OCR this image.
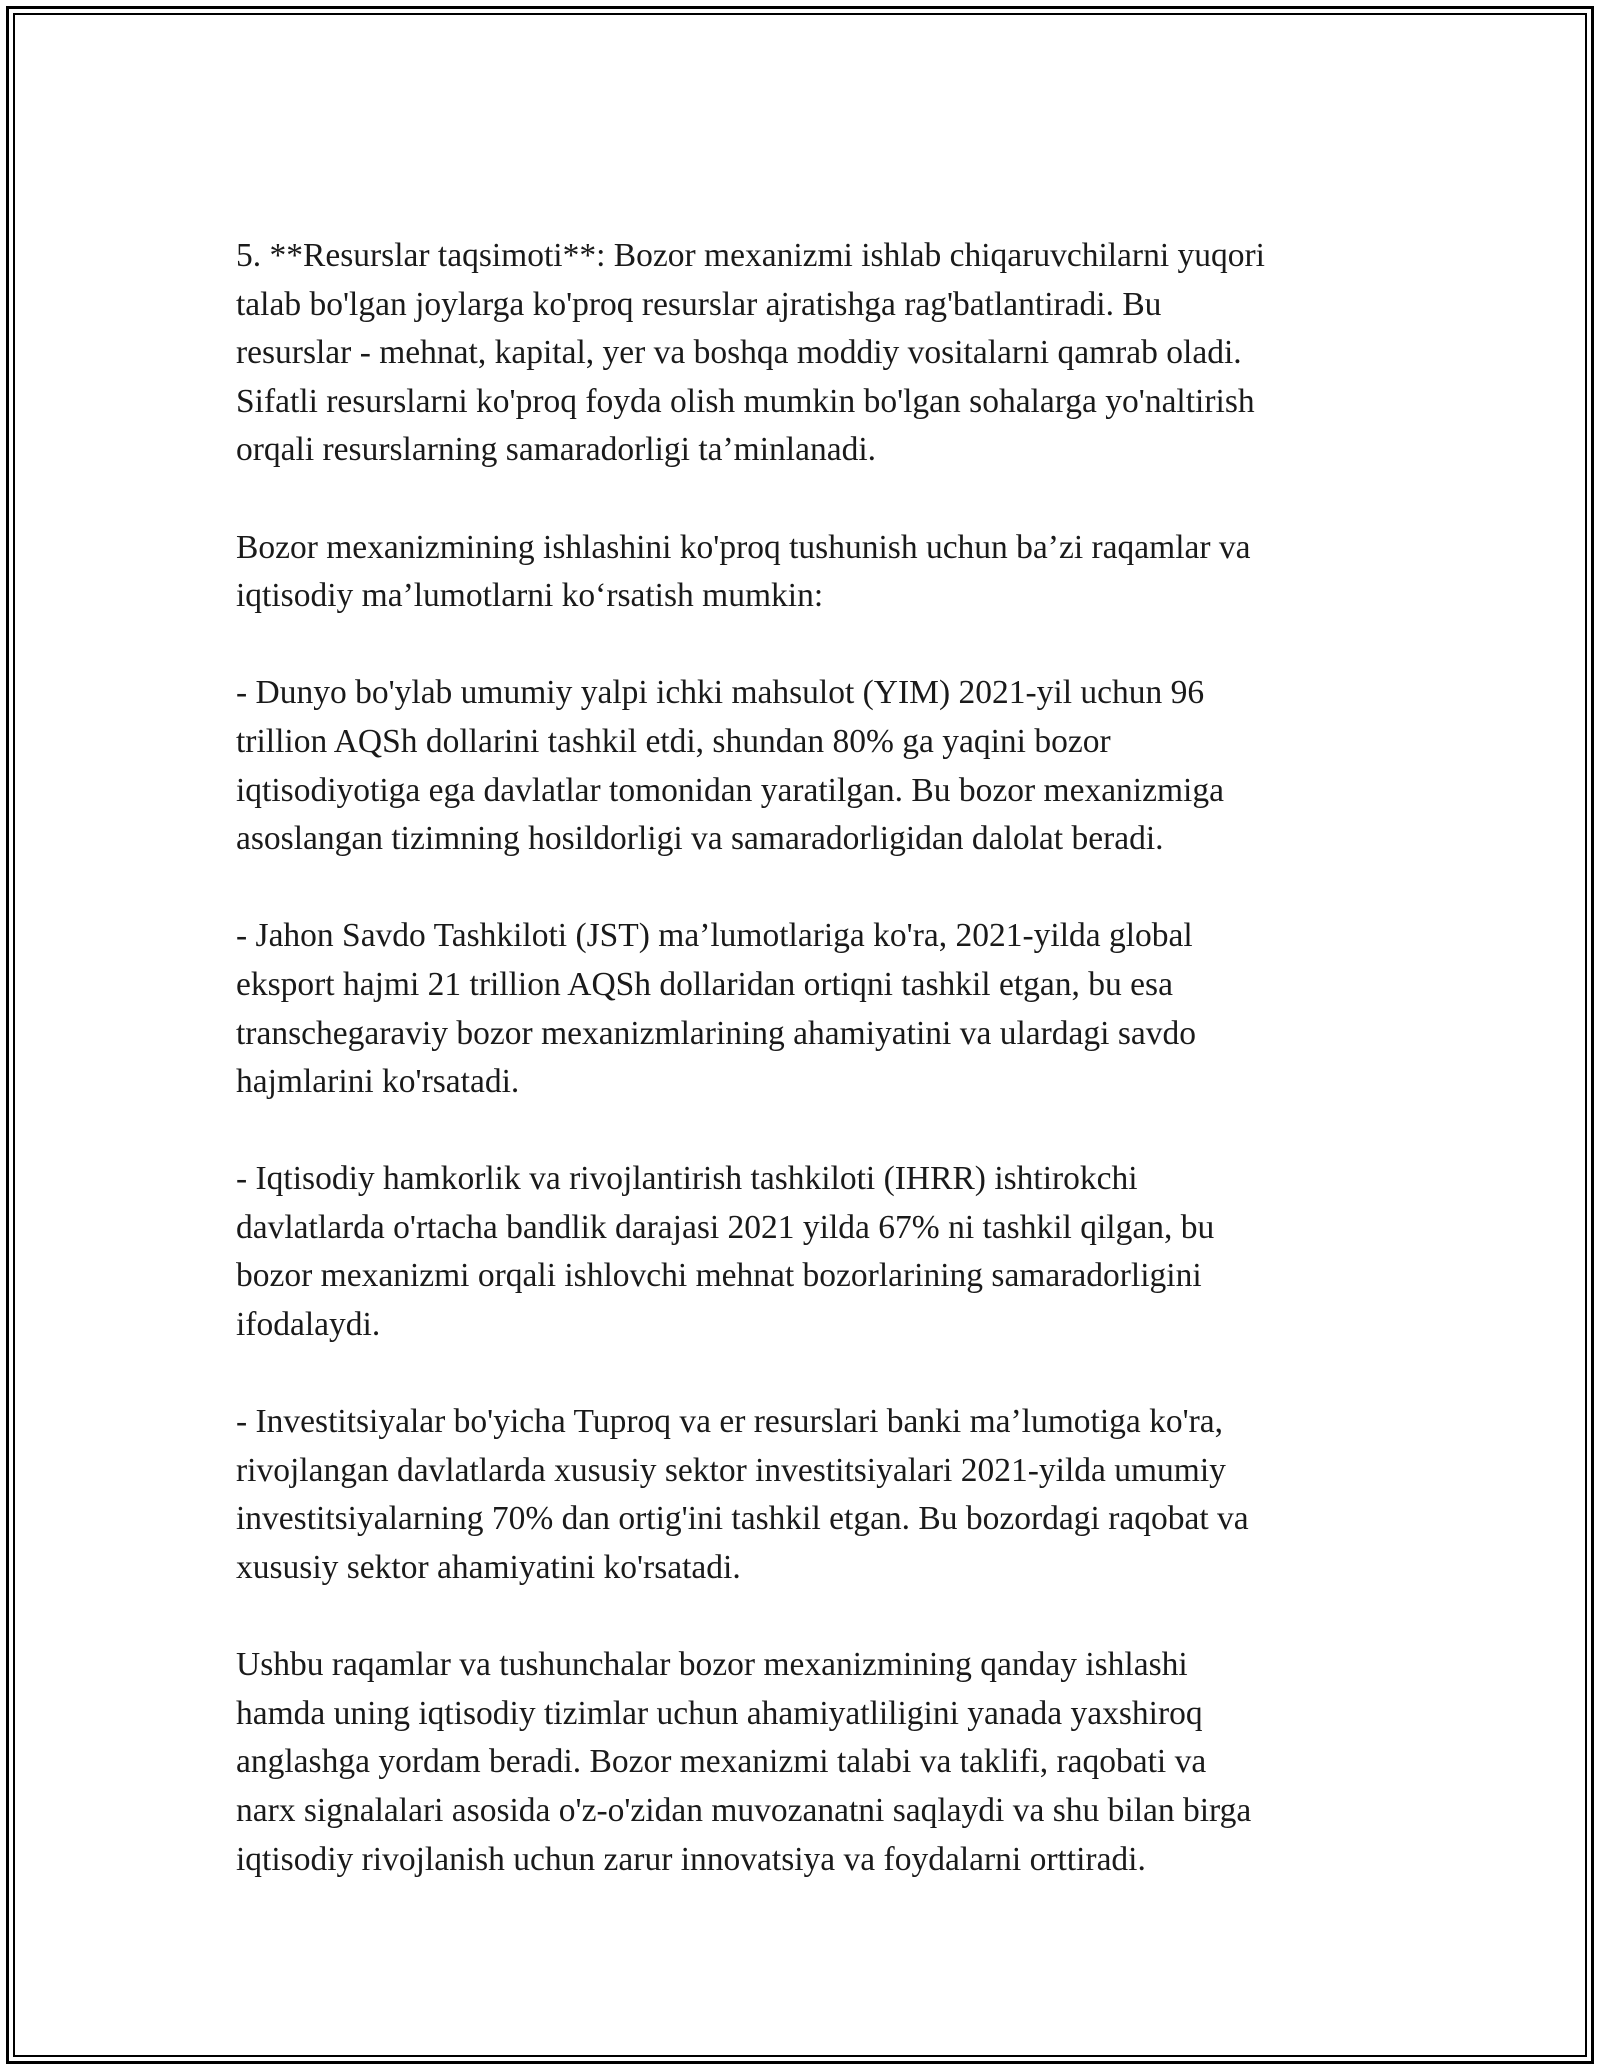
5. **Resurslar taqsimoti**: Bozor mexanizmi ishlab chiqaruvchilarni yuqori
talab bo'lgan joylarga ko'proq resurslar ajratishga rag'batlantiradi. Bu
resurslar - mehnat, kapital, yer va boshqa moddiy vositalarni qamrab oladi.
Sifatli resurslarni ko'proq foyda olish mumkin bo'lgan sohalarga yo'naltirish
orqali resurslarning samaradorligi ta’minlanadi.

Bozor mexanizmining ishlashini ko'proq tushunish uchun ba’zi raqamlar va
iqtisodiy ma’lumotlarni ko‘rsatish mumkin:

- Dunyo bo'ylab umumiy yalpi ichki mahsulot (YIM) 2021-yil uchun 96
trillion AQSh dollarini tashkil etdi, shundan 80% ga yaqini bozor
iqtisodiyotiga ega davlatlar tomonidan yaratilgan. Bu bozor mexanizmiga
asoslangan tizimning hosildorligi va samaradorligidan dalolat beradi.

- Jahon Savdo Tashkiloti (JST) ma’lumotlariga ko'ra, 2021-yilda global
eksport hajmi 21 trillion AQSh dollaridan ortiqni tashkil etgan, bu esa
transchegaraviy bozor mexanizmlarining ahamiyatini va ulardagi savdo
hajmlarini ko'rsatadi.

- Iqtisodiy hamkorlik va rivojlantirish tashkiloti (IHRR) ishtirokchi
davlatlarda o'rtacha bandlik darajasi 2021 yilda 67% ni tashkil qilgan, bu
bozor mexanizmi orqali ishlovchi mehnat bozorlarining samaradorligini
ifodalaydi.

- Investitsiyalar bo'yicha Tuproq va er resurslari banki ma’lumotiga ko'ra,
rivojlangan davlatlarda xususiy sektor investitsiyalari 2021-yilda umumiy
investitsiyalarning 70% dan ortig'ini tashkil etgan. Bu bozordagi raqobat va
xususiy sektor ahamiyatini ko'rsatadi.

Ushbu raqamlar va tushunchalar bozor mexanizmining qanday ishlashi
hamda uning iqtisodiy tizimlar uchun ahamiyatliligini yanada yaxshiroq
anglashga yordam beradi. Bozor mexanizmi talabi va taklifi, raqobati va
narx signalalari asosida o'z-o'zidan muvozanatni saqlaydi va shu bilan birga
iqtisodiy rivojlanish uchun zarur innovatsiya va foydalarni orttiradi.
